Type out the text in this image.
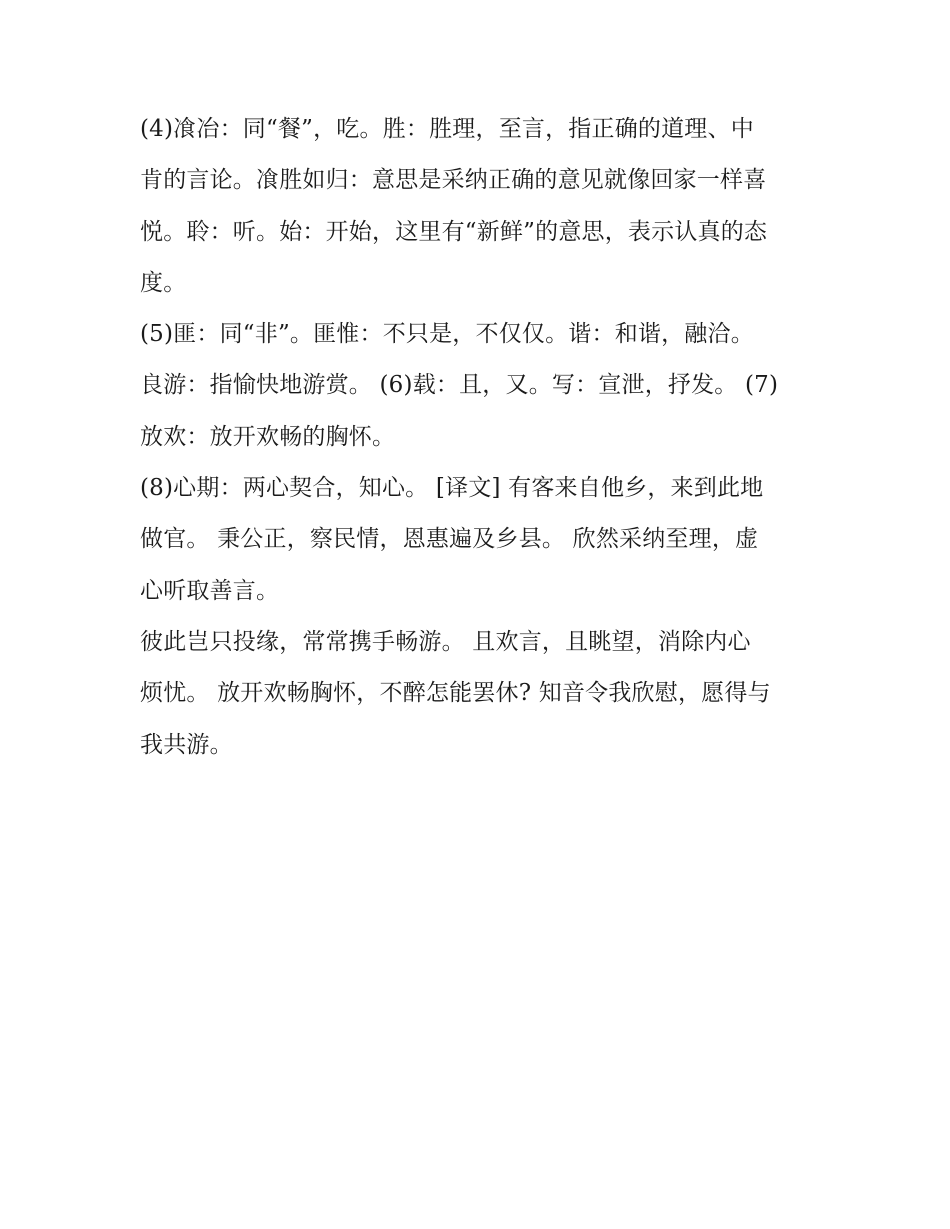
(4)飡冶：同“餐”，吃。胜：胜理，至言，指正确的道理、中
肯的言论。飡胜如归：意思是采纳正确的意见就像回家一样喜
悦。聆：听。始：开始，这里有“新鲜”的意思，表示认真的态
度。
(5)匪：同“非”。匪惟：不只是，不仅仅。谐：和谐，融洽。
良游：指愉快地游赏。 (6)载：且，又。写：宣泄，抒发。 (7)
放欢：放开欢畅的胸怀。
(8)心期：两心契合，知心。 [译文] 有客来自他乡，来到此地
做官。 秉公正，察民情，恩惠遍及乡县。 欣然采纳至理，虚
心听取善言。
彼此岂只投缘，常常携手畅游。 且欢言，且眺望，消除内心
烦忧。 放开欢畅胸怀，不醉怎能罢休? 知音令我欣慰，愿得与
我共游。
